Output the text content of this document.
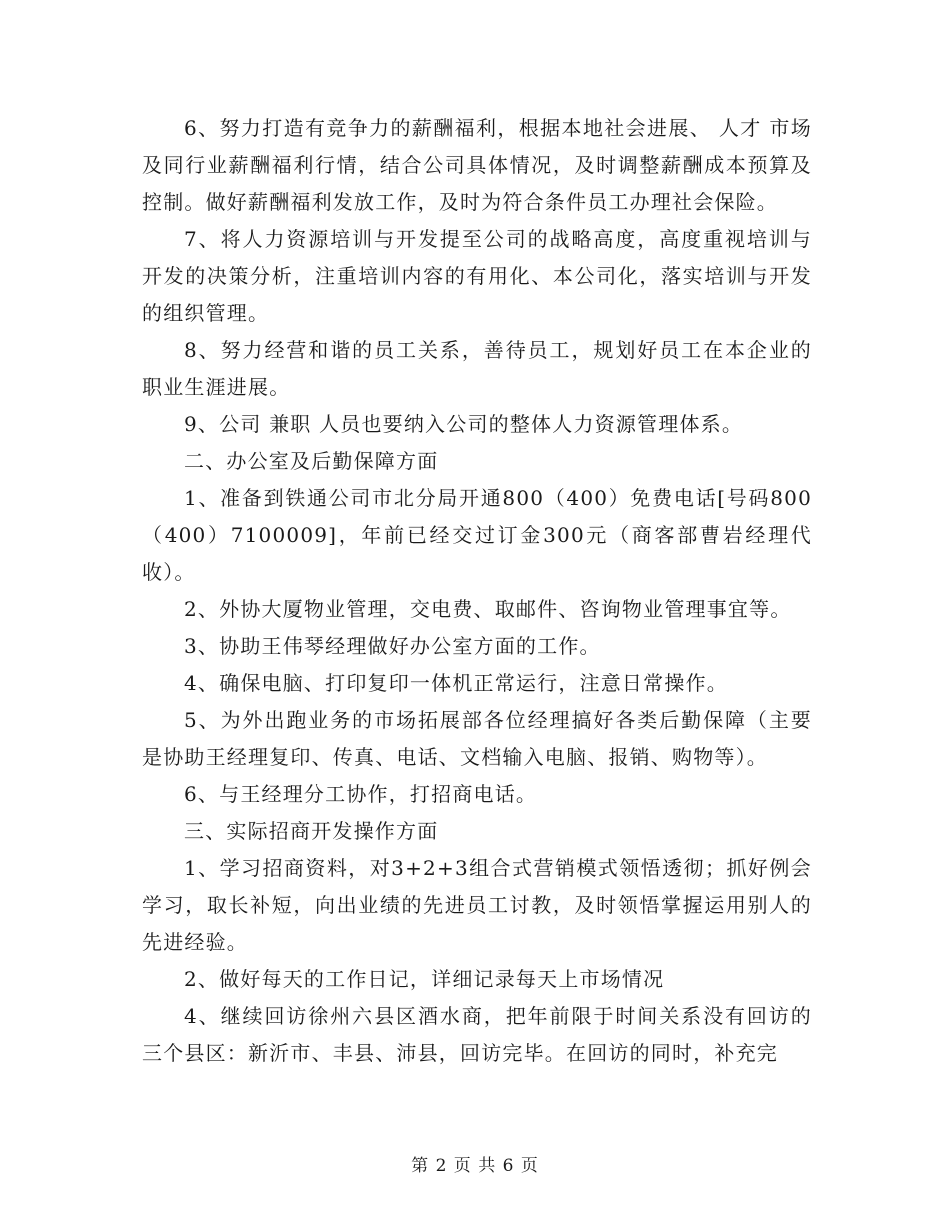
6、努力打造有竞争力的薪酬福利，根据本地社会进展、 人才 市场及同行业薪酬福利行情，结合公司具体情况，及时调整薪酬成本预算及控制。做好薪酬福利发放工作，及时为符合条件员工办理社会保险。

7、将人力资源培训与开发提至公司的战略高度，高度重视培训与开发的决策分析，注重培训内容的有用化、本公司化，落实培训与开发的组织管理。

8、努力经营和谐的员工关系，善待员工，规划好员工在本企业的职业生涯进展。

9、公司 兼职 人员也要纳入公司的整体人力资源管理体系。

二、办公室及后勤保障方面

1、准备到铁通公司市北分局开通800（400）免费电话[号码800（400）7100009]，年前已经交过订金300元（商客部曹岩经理代收）。

2、外协大厦物业管理，交电费、取邮件、咨询物业管理事宜等。

3、协助王伟琴经理做好办公室方面的工作。

4、确保电脑、打印复印一体机正常运行，注意日常操作。

5、为外出跑业务的市场拓展部各位经理搞好各类后勤保障（主要是协助王经理复印、传真、电话、文档输入电脑、报销、购物等）。

6、与王经理分工协作，打招商电话。

三、实际招商开发操作方面

1、学习招商资料，对3+2+3组合式营销模式领悟透彻；抓好例会学习，取长补短，向出业绩的先进员工讨教，及时领悟掌握运用别人的先进经验。

2、做好每天的工作日记，详细记录每天上市场情况

4、继续回访徐州六县区酒水商，把年前限于时间关系没有回访的三个县区：新沂市、丰县、沛县，回访完毕。在回访的同时，补充完

第 2 页 共 6 页
